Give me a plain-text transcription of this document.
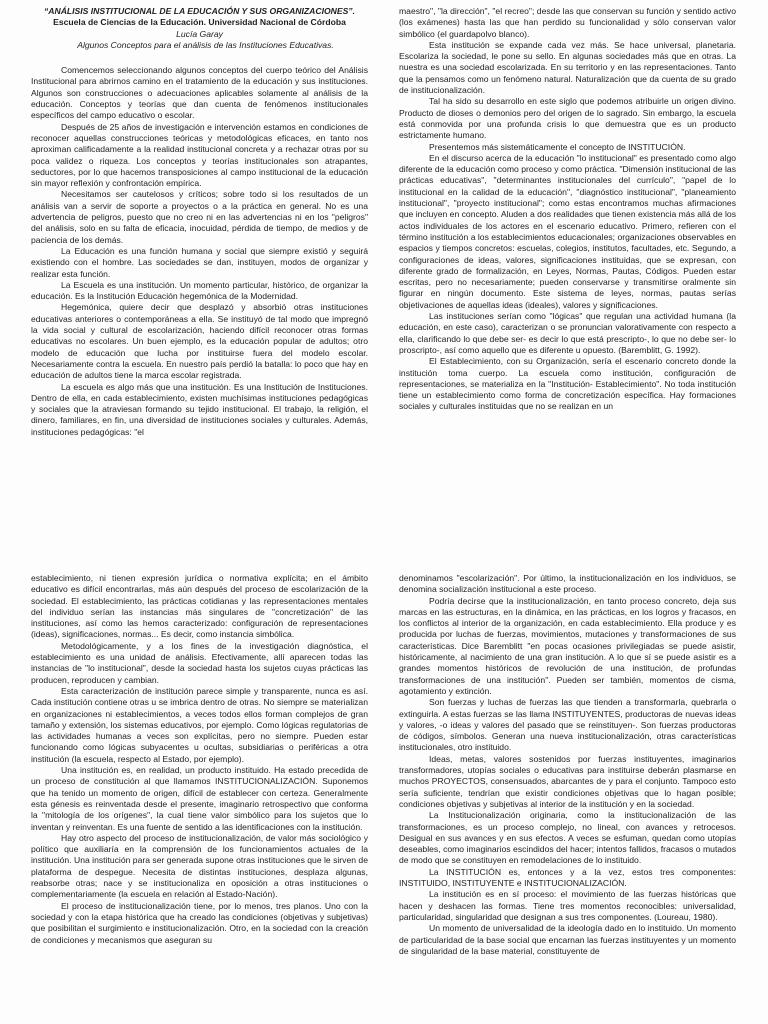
“ANÁLISIS INSTITUCIONAL DE LA EDUCACIÓN Y SUS ORGANIZACIONES”.

Escuela de Ciencias de la Educación. Universidad Nacional de Córdoba

Lucía Garay

Algunos Conceptos para el análisis de las Instituciones Educativas.

Comencemos seleccionando algunos conceptos del cuerpo teórico del Análisis Institucional para abrirnos camino en el tratamiento de la educación y sus instituciones. Algunos son construcciones o adecuaciones aplicables solamente al análisis de la educación. Conceptos y teorías que dan cuenta de fenómenos institucionales específicos del campo educativo o escolar.

Después de 25 años de investigación e intervención estamos en condiciones de reconocer aquellas construcciones teóricas y metodológicas eficaces, en tanto nos aproximan calificadamente a la realidad institucional concreta y a rechazar otras por su poca validez o riqueza. Los conceptos y teorías institucionales son atrapantes, seductores, por lo que hacemos transposiciones al campo institucional de la educación sin mayor reflexión y confrontación empírica.

Necesitamos ser cautelosos y críticos; sobre todo si los resultados de un análisis van a servir de soporte a proyectos o a la práctica en general. No es una advertencia de peligros, puesto que no creo ni en las advertencias ni en los "peligros" del análisis, solo en su falta de eficacia, inocuidad, pérdida de tiempo, de medios y de paciencia de los demás.

La Educación es una función humana y social que siempre existió y seguirá existiendo con el hombre. Las sociedades se dan, instituyen, modos de organizar y realizar esta función.

La Escuela es una institución. Un momento particular, histórico, de organizar la educación. Es la Institución Educación hegemónica de la Modernidad.

Hegemónica, quiere decir que desplazó y absorbió otras instituciones educativas anteriores o contemporáneas a ella. Se instituyó de tal modo que impregnó la vida social y cultural de escolarización, haciendo difícil reconocer otras formas educativas no escolares. Un buen ejemplo, es la educación popular de adultos; otro modelo de educación que lucha por instituirse fuera del modelo escolar. Necesariamente contra la escuela. En nuestro país perdió la batalla: lo poco que hay en educación de adultos tiene la marca escolar registrada.

La escuela es algo más que una institución. Es una Institución de Instituciones. Dentro de ella, en cada establecimiento, existen muchísimas instituciones pedagógicas y sociales que la atraviesan formando su tejido institucional. El trabajo, la religión, el dinero, familiares, en fin, una diversidad de instituciones sociales y culturales. Además, instituciones pedagógicas: "el

maestro", "la dirección", "el recreo"; desde las que conservan su función y sentido activo (los exámenes) hasta las que han perdido su funcionalidad y sólo conservan valor simbólico (el guardapolvo blanco).

Esta institución se expande cada vez más. Se hace universal, planetaria. Escolariza la sociedad, le pone su sello. En algunas sociedades más que en otras. La nuestra es una sociedad escolarizada. En su territorio y en las representaciones. Tanto que la pensamos como un fenómeno natural. Naturalización que da cuenta de su grado de institucionalización.

Tal ha sido su desarrollo en este siglo que podemos atribuirle un origen divino. Producto de dioses o demonios pero del origen de lo sagrado. Sin embargo, la escuela está conmovida por una profunda crisis lo que demuestra que es un producto estrictamente humano.

Presentemos más sistemáticamente el concepto de INSTITUCIÓN.

En el discurso acerca de la educación "lo institucional" es presentado como algo diferente de la educación como proceso y como práctica. "Dimensión institucional de las prácticas educativas", "determinantes institucionales del currículo", "papel de lo institucional en la calidad de la educación", "diagnóstico institucional", "planeamiento institucional", "proyecto institucional"; como estas encontramos muchas afirmaciones que incluyen en concepto. Aluden a dos realidades que tienen existencia más allá de los actos individuales de los actores en el escenario educativo. Primero, refieren con el término institución a los establecimientos educacionales; organizaciones observables en espacios y tiempos concretos: escuelas, colegios, institutos, facultades, etc. Segundo, a configuraciones de ideas, valores, significaciones instituidas, que se expresan, con diferente grado de formalización, en Leyes, Normas, Pautas, Códigos. Pueden estar escritas, pero no necesariamente; pueden conservarse y transmitirse oralmente sin figurar en ningún documento. Este sistema de leyes, normas, pautas serías objetivaciones de aquellas ideas (ideales), valores y significaciones.

Las instituciones serían como "lógicas" que regulan una actividad humana (la educación, en este caso), caracterizan o se pronuncian valorativamente con respecto a ella, clarificando lo que debe ser- es decir lo que está prescripto-, lo que no debe ser- lo proscripto-, así como aquello que es diferente u opuesto. (Baremblitt, G. 1992).

El Establecimiento, con su Organización, sería el escenario concreto donde la institución toma cuerpo. La escuela como institución, configuración de representaciones, se materializa en la "Institución- Establecimiento". No toda institución tiene un establecimiento como forma de concretización específica. Hay formaciones sociales y culturales instituidas que no se realizan en un

establecimiento, ni tienen expresión jurídica o normativa explícita; en el ámbito educativo es difícil encontrarlas, más aún después del proceso de escolarización de la sociedad. El establecimiento, las prácticas cotidianas y las representaciones mentales del individuo serían las instancias más singulares de "concretización" de las instituciones, así como las hemos caracterizado: configuración de representaciones (ideas), significaciones, normas... Es decir, como instancia simbólica.

Metodológicamente, y a los fines de la investigación diagnóstica, el establecimiento es una unidad de análisis. Efectivamente, allí aparecen todas las instancias de "lo institucional", desde la sociedad hasta los sujetos cuyas prácticas las producen, reproducen y cambian.

Esta caracterización de institución parece simple y transparente, nunca es así. Cada institución contiene otras u se imbrica dentro de otras. No siempre se materializan en organizaciones ni establecimientos, a veces todos ellos forman complejos de gran tamaño y extensión, los sistemas educativos, por ejemplo. Como lógicas regulatorias de las actividades humanas a veces son explícitas, pero no siempre. Pueden estar funcionando como lógicas subyacentes u ocultas, subsidiarias o periféricas a otra institución (la escuela, respecto al Estado, por ejemplo).

Una institución es, en realidad, un producto instituido. Ha estado precedida de un proceso de constitución al que llamamos INSTITUCIONALIZACIÓN. Suponemos que ha tenido un momento de origen, difícil de establecer con certeza. Generalmente esta génesis es reinventada desde el presente, imaginario retrospectivo que conforma la "mitología de los orígenes", la cual tiene valor simbólico para los sujetos que lo inventan y reinventan. Es una fuente de sentido a las identificaciones con la institución.

Hay otro aspecto del proceso de institucionalización, de valor más sociológico y político que auxiliaría en la comprensión de los funcionamientos actuales de la institución. Una institución para ser generada supone otras instituciones que le sirven de plataforma de despegue. Necesita de distintas instituciones, desplaza algunas, reabsorbe otras; nace y se institucionaliza en oposición a otras instituciones o complementariamente (la escuela en relación al Estado-Nación).

El proceso de institucionalización tiene, por lo menos, tres planos. Uno con la sociedad y con la etapa histórica que ha creado las condiciones (objetivas y subjetivas) que posibilitan el surgimiento e institucionalización. Otro, en la sociedad con la creación de condiciones y mecanismos que aseguran su

denominamos "escolarización". Por último, la institucionalización en los individuos, se denomina socialización institucional a este proceso.

Podría decirse que la institucionalización, en tanto proceso concreto, deja sus marcas en las estructuras, en la dinámica, en las prácticas, en los logros y fracasos, en los conflictos al interior de la organización, en cada establecimiento. Ella produce y es producida por luchas de fuerzas, movimientos, mutaciones y transformaciones de sus características. Dice Baremblitt "en pocas ocasiones privilegiadas se puede asistir, históricamente, al nacimiento de una gran institución. A lo que sí se puede asistir es a grandes momentos históricos de revolución de una institución, de profundas transformaciones de una institución". Pueden ser también, momentos de cisma, agotamiento y extinción.

Son fuerzas y luchas de fuerzas las que tienden a transformarla, quebrarla o extinguirla. A estas fuerzas se las llama INSTITUYENTES, productoras de nuevas ideas y valores, -o ideas y valores del pasado que se reinstituyen-. Son fuerzas productoras de códigos, símbolos. Generan una nueva institucionalización, otras características institucionales, otro instituido.

Ideas, metas, valores sostenidos por fuerzas instituyentes, imaginarios transformadores, utopías sociales o educativas para instituirse deberán plasmarse en muchos PROYECTOS, consensuados, abarcantes de y para el conjunto. Tampoco esto sería suficiente, tendrían que existir condiciones objetivas que lo hagan posible; condiciones objetivas y subjetivas al interior de la institución y en la sociedad.

La Institucionalización originaria, como la institucionalización de las transformaciones, es un proceso complejo, no lineal, con avances y retrocesos. Desigual en sus avances y en sus efectos. A veces se esfuman, quedan como utopías deseables, como imaginarios escindidos del hacer; intentos fallidos, fracasos o mutados de modo que se constituyen en remodelaciones de lo instituido.

La INSTITUCIÓN es, entonces y a la vez, estos tres componentes: INSTITUIDO, INSTITUYENTE e INSTITUCIONALIZACIÓN.

La institución es en sí proceso: el movimiento de las fuerzas históricas que hacen y deshacen las formas. Tiene tres momentos reconocibles: universalidad, particularidad, singularidad que designan a sus tres componentes. (Loureau, 1980).

Un momento de universalidad de la ideología dado en lo instituido. Un momento de particularidad de la base social que encarnan las fuerzas instituyentes y un momento de singularidad de la base material, constituyente de
